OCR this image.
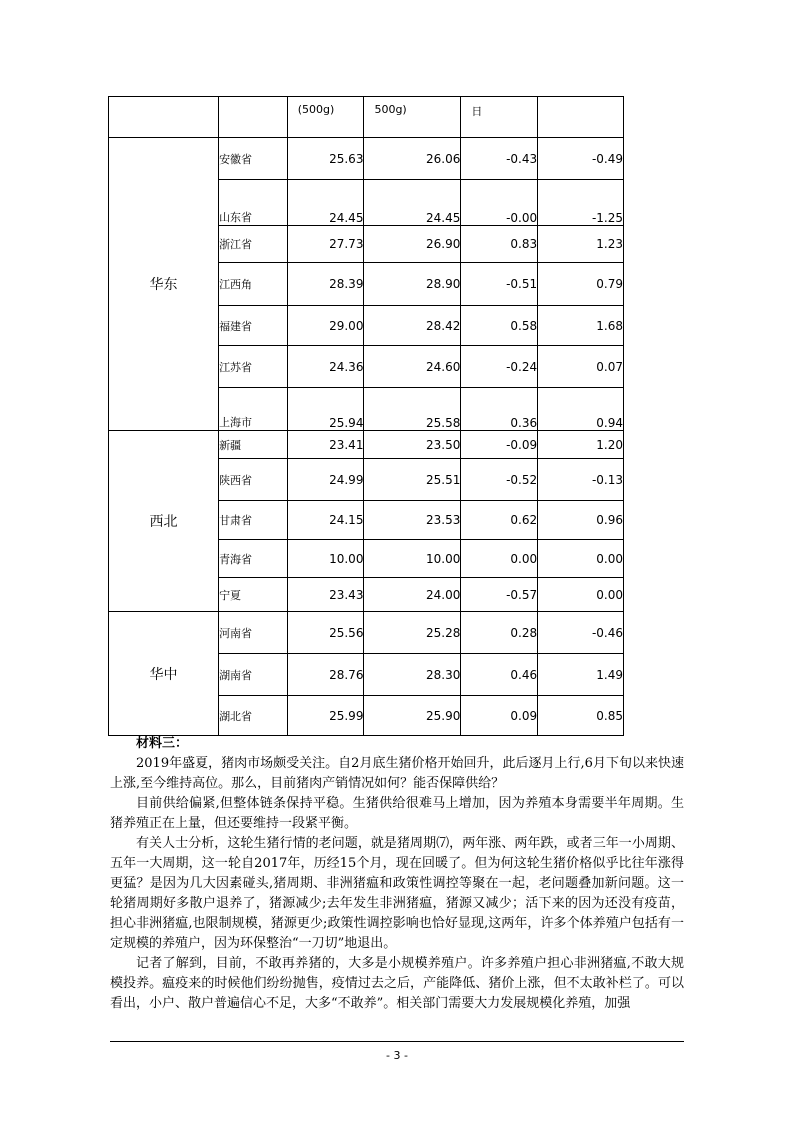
		(500g)	500g)	日	
华东	安徽省	25.63	26.06	-0.43	-0.49
	山东省	24.45	24.45	-0.00	-1.25
	浙江省	27.73	26.90	0.83	1.23
	江西角	28.39	28.90	-0.51	0.79
	福建省	29.00	28.42	0.58	1.68
	江苏省	24.36	24.60	-0.24	0.07
	上海市	25.94	25.58	0.36	0.94
西北	新疆	23.41	23.50	-0.09	1.20
	陕西省	24.99	25.51	-0.52	-0.13
	甘肃省	24.15	23.53	0.62	0.96
	青海省	10.00	10.00	0.00	0.00
	宁夏	23.43	24.00	-0.57	0.00
华中	河南省	25.56	25.28	0.28	-0.46
	湖南省	28.76	28.30	0.46	1.49
	湖北省	25.99	25.90	0.09	0.85

材料三：

2019年盛夏，猪肉市场颇受关注。自2月底生猪价格开始回升，此后逐月上行,6月下旬以来快速上涨,至今维持高位。那么，目前猪肉产销情况如何？能否保障供给？

目前供给偏紧,但整体链条保持平稳。生猪供给很难马上增加，因为养殖本身需要半年周期。生猪养殖正在上量，但还要维持一段紧平衡。

有关人士分析，这轮生猪行情的老问题，就是猪周期⑺，两年涨、两年跌，或者三年一小周期、五年一大周期，这一轮自2017年，历经15个月，现在回暖了。但为何这轮生猪价格似乎比往年涨得更猛？是因为几大因素碰头,猪周期、非洲猪瘟和政策性调控等聚在一起，老问题叠加新问题。这一轮猪周期好多散户退养了，猪源减少;去年发生非洲猪瘟，猪源又减少；活下来的因为还没有疫苗，担心非洲猪瘟,也限制规模，猪源更少;政策性调控影响也恰好显现,这两年，许多个体养殖户包括有一定规模的养殖户，因为环保整治“一刀切”地退出。

记者了解到，目前，不敢再养猪的，大多是小规模养殖户。许多养殖户担心非洲猪瘟,不敢大规模投养。瘟疫来的时候他们纷纷抛售，疫情过去之后，产能降低、猪价上涨，但不太敢补栏了。可以看出，小户、散户普遍信心不足，大多“不敢养”。相关部门需要大力发展规模化养殖，加强

- 3 -
